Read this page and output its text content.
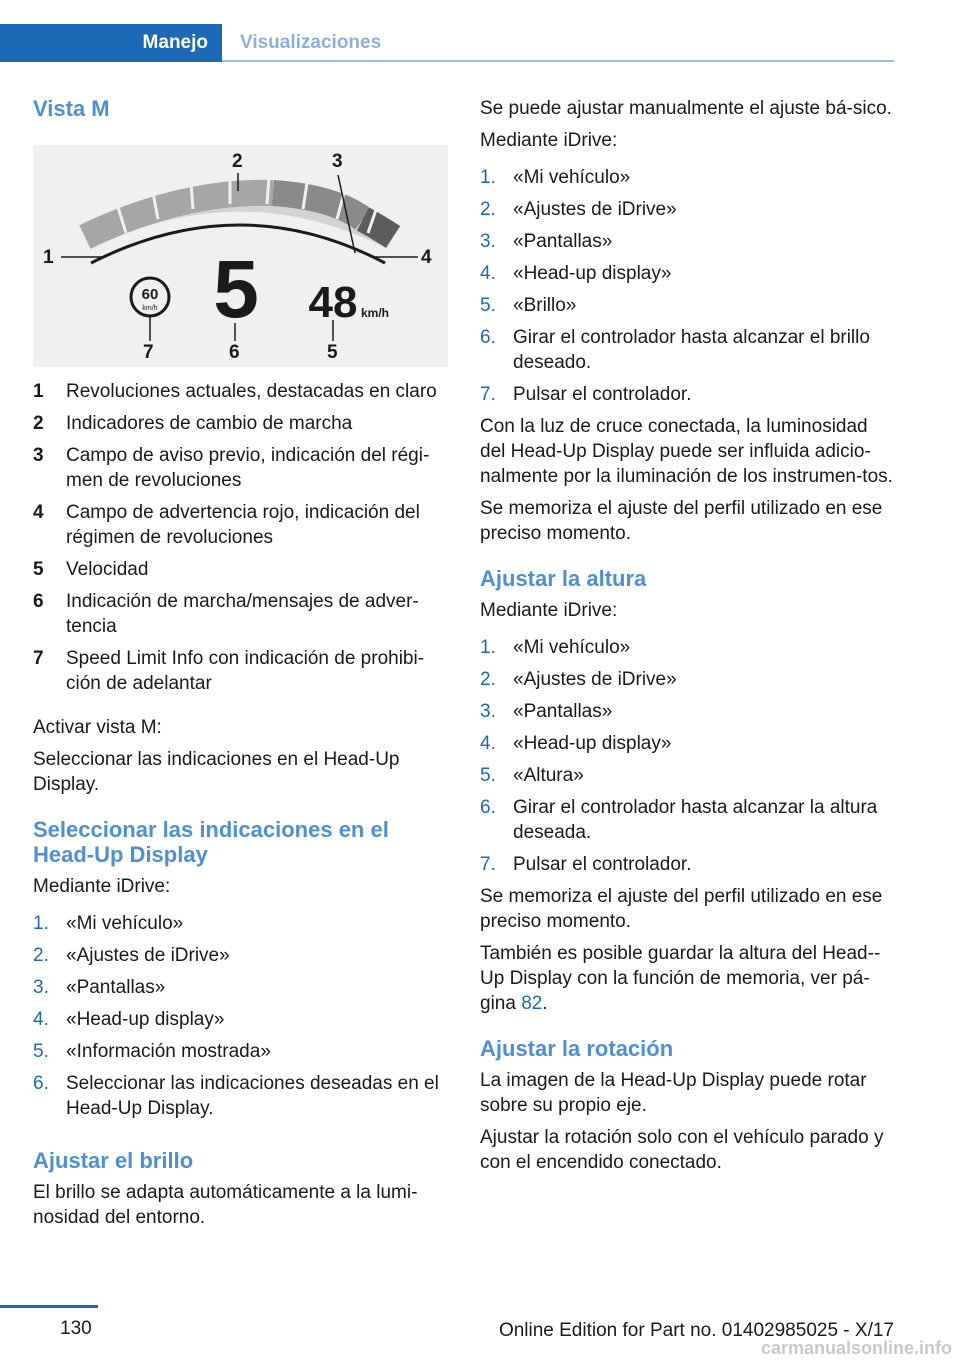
Manejo	Visualizaciones
Vista M
1
2	3
4
5
6
7
60
km/h 5 48 km/h
1	Revoluciones actuales, destacadas en claro
2	Indicadores de cambio de marcha
3	Campo de aviso previo, indicación del régi-men de revoluciones
4	Campo de advertencia rojo, indicación del régimen de revoluciones
5	Velocidad
6	Indicación de marcha/mensajes de adver-tencia
7	Speed Limit Info con indicación de prohibi-ción de adelantar

Activar vista M:

Seleccionar las indicaciones en el Head-Up Display.

Seleccionar las indicaciones en el Head-Up Display

Mediante iDrive:

1. «Mi vehículo»
2. «Ajustes de iDrive»
3. «Pantallas»
4. «Head-up display»
5. «Información mostrada»
6. Seleccionar las indicaciones deseadas en el Head-Up Display.
Ajustar el brillo

El brillo se adapta automáticamente a la lumi-nosidad del entorno.

Se puede ajustar manualmente el ajuste bá-sico.

Mediante iDrive:

1. «Mi vehículo»
2. «Ajustes de iDrive»
3. «Pantallas»
4. «Head-up display»
5. «Brillo»
6. Girar el controlador hasta alcanzar el brillo deseado.
7. Pulsar el controlador.

Con la luz de cruce conectada, la luminosidad del Head-Up Display puede ser influida adicio-nalmente por la iluminación de los instrumen-tos.

Se memoriza el ajuste del perfil utilizado en ese preciso momento.

Ajustar la altura

Mediante iDrive:

1. «Mi vehículo»
2. «Ajustes de iDrive»
3. «Pantallas»
4. «Head-up display»
5. «Altura»
6. Girar el controlador hasta alcanzar la altura deseada.
7. Pulsar el controlador.

Se memoriza el ajuste del perfil utilizado en ese preciso momento.

También es posible guardar la altura del Head--Up Display con la función de memoria, ver pá-gina 82.

Ajustar la rotación

La imagen de la Head-Up Display puede rotar sobre su propio eje.

Ajustar la rotación solo con el vehículo parado y con el encendido conectado.

130	Online Edition for Part no. 01402985025 - X/17
carmanualsonline.info
